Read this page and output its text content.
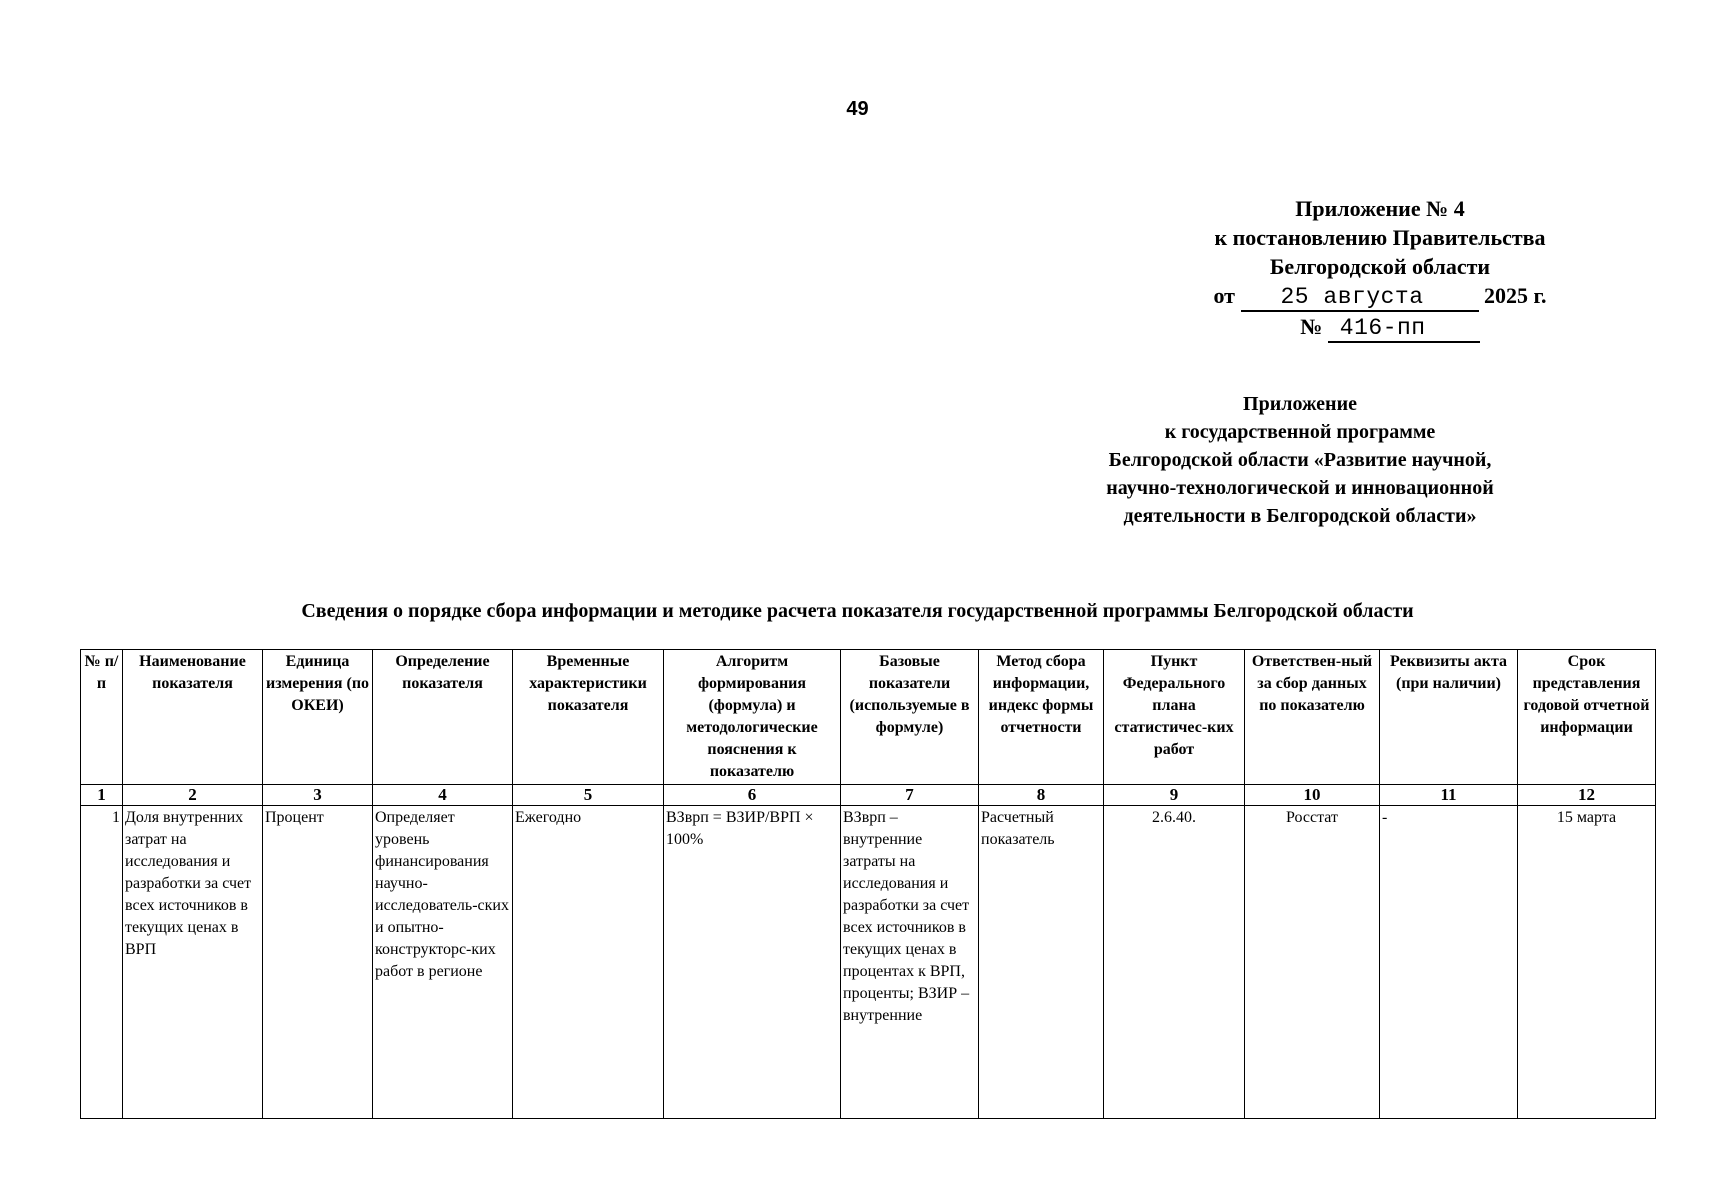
49
Приложение № 4
к постановлению Правительства
Белгородской области
от 25 августа	2025 г.
№ 416-пп
Приложение
к государственной программе
Белгородской области «Развитие научной,
научно-технологической и инновационной
деятельности в Белгородской области»
Сведения о порядке сбора информации и методике расчета показателя государственной программы Белгородской области
№ п/п	Наименование показателя	Единица измерения (по ОКЕИ)	Определение показателя	Временные характеристики показателя	Алгоритм формирования (формула) и методологические пояснения к показателю	Базовые показатели (используемые в формуле)	Метод сбора информации, индекс формы отчетности	Пункт Федерального плана статистичес-ких работ	Ответствен-ный за сбор данных по показателю	Реквизиты акта (при наличии)	Срок представления годовой отчетной информации
1	2	3	4	5	6	7	8	9	10	11	12
1	Доля внутренних затрат на исследования и разработки за счет всех источников в текущих ценах в ВРП	Процент	Определяет уровень финансирования научно-исследователь-ских и опытно-конструкторс-ких работ в регионе	Ежегодно	ВЗврп = ВЗИР/ВРП × 100%	ВЗврп – внутренние затраты на исследования и разработки за счет всех источников в текущих ценах в процентах к ВРП, проценты; ВЗИР – внутренние	Расчетный показатель	2.6.40.	Росстат	-	15 марта
